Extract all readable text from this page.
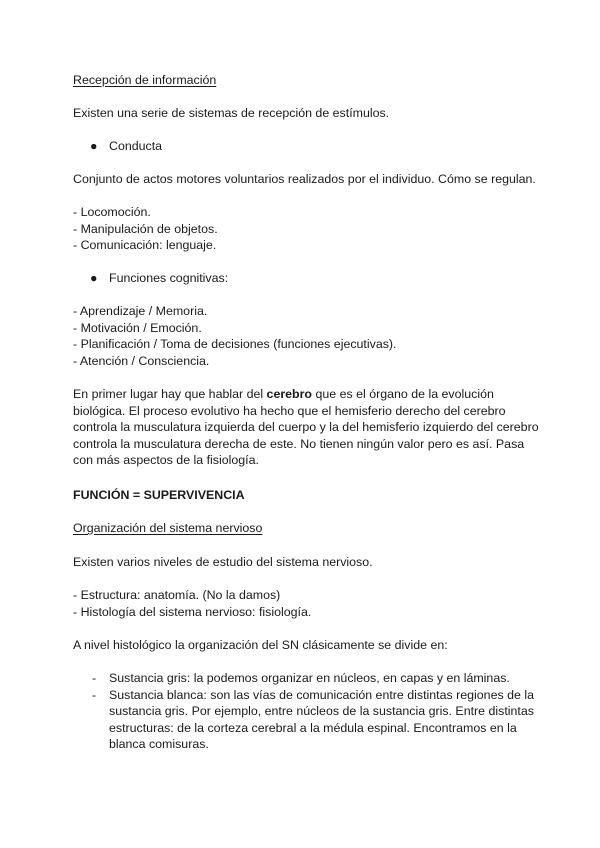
Recepción de información
Existen una serie de sistemas de recepción de estímulos.
● Conducta
Conjunto de actos motores voluntarios realizados por el individuo. Cómo se regulan.
- Locomoción.
- Manipulación de objetos.
- Comunicación: lenguaje.
● Funciones cognitivas:
- Aprendizaje / Memoria.
- Motivación / Emoción.
- Planificación / Toma de decisiones (funciones ejecutivas).
- Atención / Consciencia.
En primer lugar hay que hablar del cerebro que es el órgano de la evolución
biológica. El proceso evolutivo ha hecho que el hemisferio derecho del cerebro
controla la musculatura izquierda del cuerpo y la del hemisferio izquierdo del cerebro
controla la musculatura derecha de este. No tienen ningún valor pero es así. Pasa
con más aspectos de la fisiología.
FUNCIÓN = SUPERVIVENCIA
Organización del sistema nervioso
Existen varios niveles de estudio del sistema nervioso.
- Estructura: anatomía. (No la damos)
- Histología del sistema nervioso: fisiología.
A nivel histológico la organización del SN clásicamente se divide en:
- Sustancia gris: la podemos organizar en núcleos, en capas y en láminas.
- Sustancia blanca: son las vías de comunicación entre distintas regiones de la
sustancia gris. Por ejemplo, entre núcleos de la sustancia gris. Entre distintas
estructuras: de la corteza cerebral a la médula espinal. Encontramos en la
blanca comisuras.
